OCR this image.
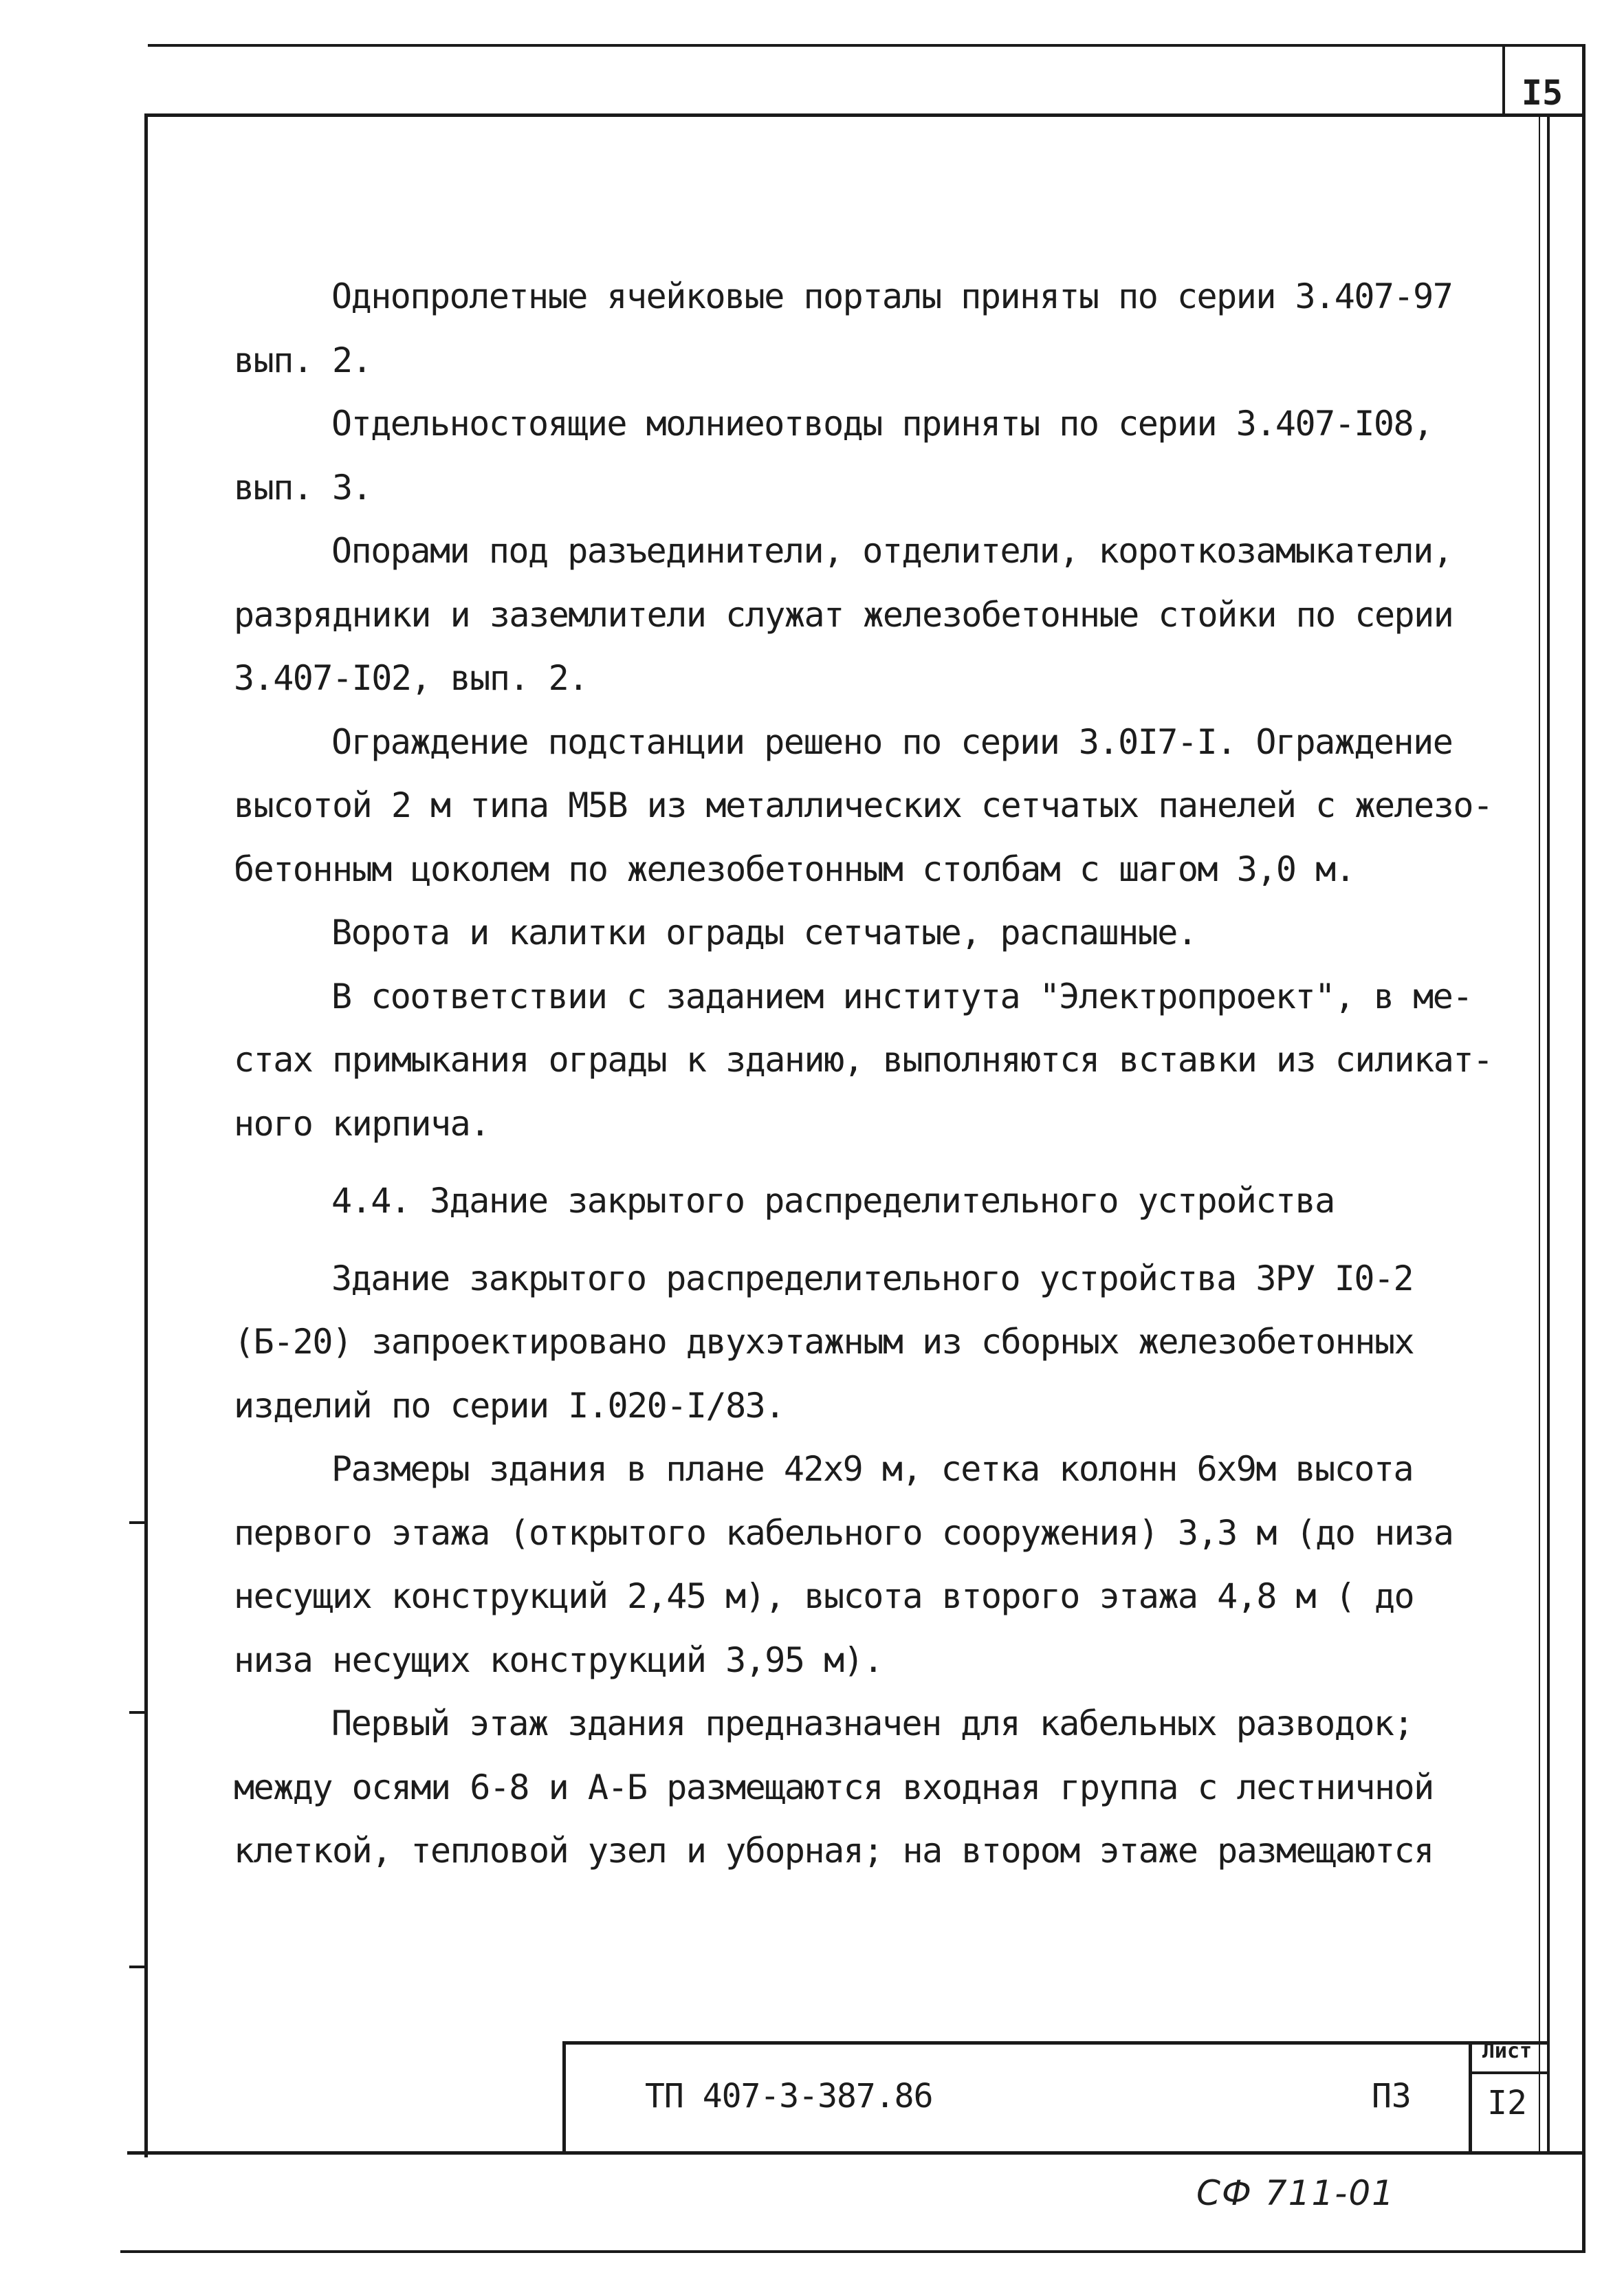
I5
Однопролетные ячейковые порталы приняты по серии 3.407-97
вып. 2.
Отдельностоящие молниеотводы приняты по серии 3.407-I08,
вып. 3.
Опорами под разъединители, отделители, короткозамыкатели,
разрядники и заземлители служат железобетонные стойки по серии
3.407-I02, вып. 2.
Ограждение подстанции решено по серии 3.0I7-I. Ограждение
высотой 2 м типа М5В из металлических сетчатых панелей с железо-
бетонным цоколем по железобетонным столбам с шагом 3,0 м.
Ворота и калитки ограды сетчатые, распашные.
В соответствии с заданием института "Электропроект", в ме-
стах примыкания ограды к зданию, выполняются вставки из силикат-
ного кирпича.
4.4. Здание закрытого распределительного устройства
Здание закрытого распределительного устройства ЗРУ I0-2
(Б-20) запроектировано двухэтажным из сборных железобетонных
изделий по серии I.020-I/83.
Размеры здания в плане 42х9 м, сетка колонн 6х9м высота
первого этажа (открытого кабельного сооружения) 3,3 м (до низа
несущих конструкций 2,45 м), высота второго этажа 4,8 м ( до
низа несущих конструкций 3,95 м).
Первый этаж здания предназначен для кабельных разводок;
между осями 6-8 и А-Б размещаются входная группа с лестничной
клеткой, тепловой узел и уборная; на втором этаже размещаются
ТП 407-3-387.86	ПЗ
Лист
I2
СФ 711-01
